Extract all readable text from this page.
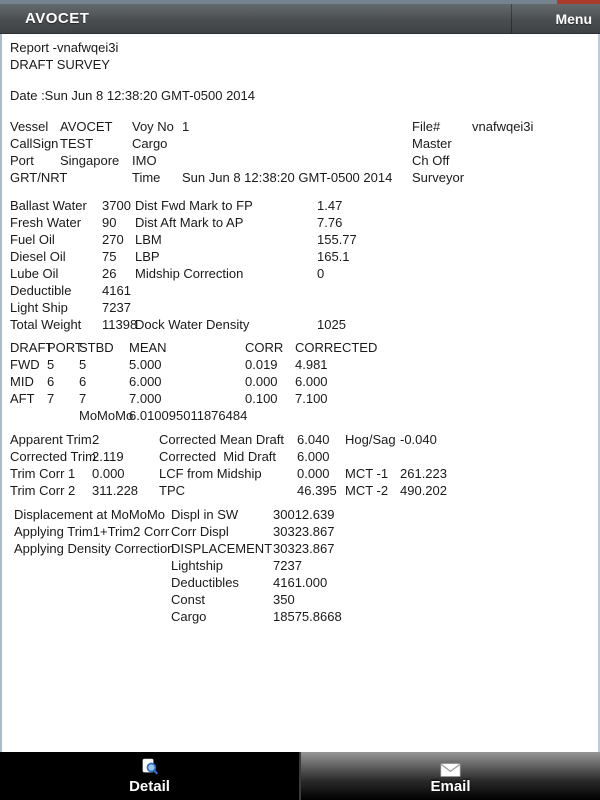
AVOCET	Menu

Report -vnafwqei3i

DRAFT SURVEY

Date :Sun Jun 8 12:38:20 GMT-0500 2014

Vessel	AVOCET	Voy No	1	File#	vnafwqei3i
CallSign	TEST	Cargo		Master	
Port	Singapore	IMO		Ch Off	
GRT/NRT		Time	Sun Jun 8 12:38:20 GMT-0500 2014	Surveyor	
Ballast Water	3700	Dist Fwd Mark to FP	1.47
Fresh Water	90	Dist Aft Mark to AP	7.76
Fuel Oil	270	LBM	155.77
Diesel Oil	75	LBP	165.1
Lube Oil	26	Midship Correction	0
Deductible	4161		
Light Ship	7237		
Total Weight	11398	Dock Water Density	1025
DRAFT	PORT	STBD	MEAN	CORR	CORRECTED
FWD	5	5	5.000	0.019	4.981
MID	6	6	6.000	0.000	6.000
AFT	7	7	7.000	0.100	7.100
		MoMoMo	6.010095011876484		
Apparent Trim	2	Corrected Mean Draft	6.040	Hog/Sag	-0.040
Corrected Trim	2.119	Corrected  Mid Draft	6.000		
Trim Corr 1	0.000	LCF from Midship	0.000	MCT -1	261.223
Trim Corr 2	311.228	TPC	46.395	MCT -2	490.202
Displacement at MoMoMo	Displ in SW	30012.639
Applying Trim1+Trim2 Corr	Corr Displ	30323.867
Applying Density Correction	DISPLACEMENT	30323.867
	Lightship	7237
	Deductibles	4161.000
	Const	350
	Cargo	18575.8668
Detail	Email
